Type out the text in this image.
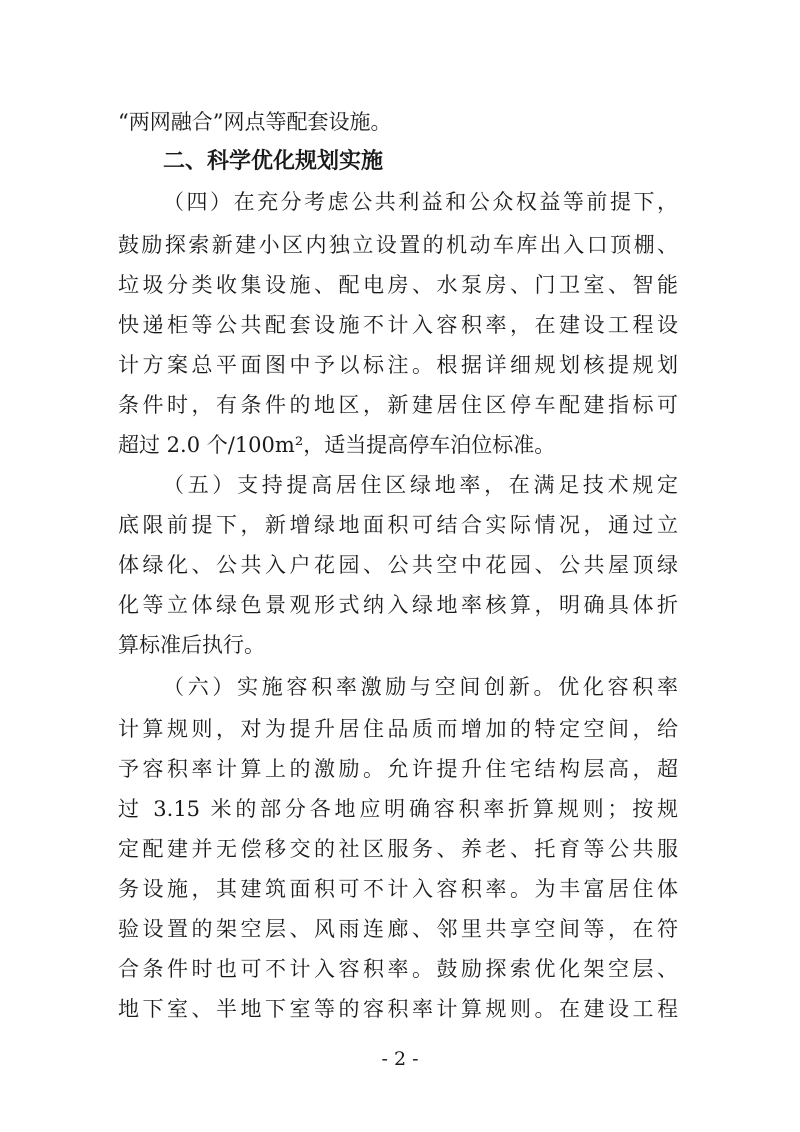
“两网融合”网点等配套设施。
二、科学优化规划实施
（四）在充分考虑公共利益和公众权益等前提下，
鼓励探索新建小区内独立设置的机动车库出入口顶棚、
垃圾分类收集设施、配电房、水泵房、门卫室、智能
快递柜等公共配套设施不计入容积率，在建设工程设
计方案总平面图中予以标注。根据详细规划核提规划
条件时，有条件的地区，新建居住区停车配建指标可
超过 2.0 个/100m²，适当提高停车泊位标准。
（五）支持提高居住区绿地率，在满足技术规定
底限前提下，新增绿地面积可结合实际情况，通过立
体绿化、公共入户花园、公共空中花园、公共屋顶绿
化等立体绿色景观形式纳入绿地率核算，明确具体折
算标准后执行。
（六）实施容积率激励与空间创新。优化容积率
计算规则，对为提升居住品质而增加的特定空间，给
予容积率计算上的激励。允许提升住宅结构层高，超
过 3.15 米的部分各地应明确容积率折算规则；按规
定配建并无偿移交的社区服务、养老、托育等公共服
务设施，其建筑面积可不计入容积率。为丰富居住体
验设置的架空层、风雨连廊、邻里共享空间等，在符
合条件时也可不计入容积率。鼓励探索优化架空层、
地下室、半地下室等的容积率计算规则。在建设工程
- 2 -
